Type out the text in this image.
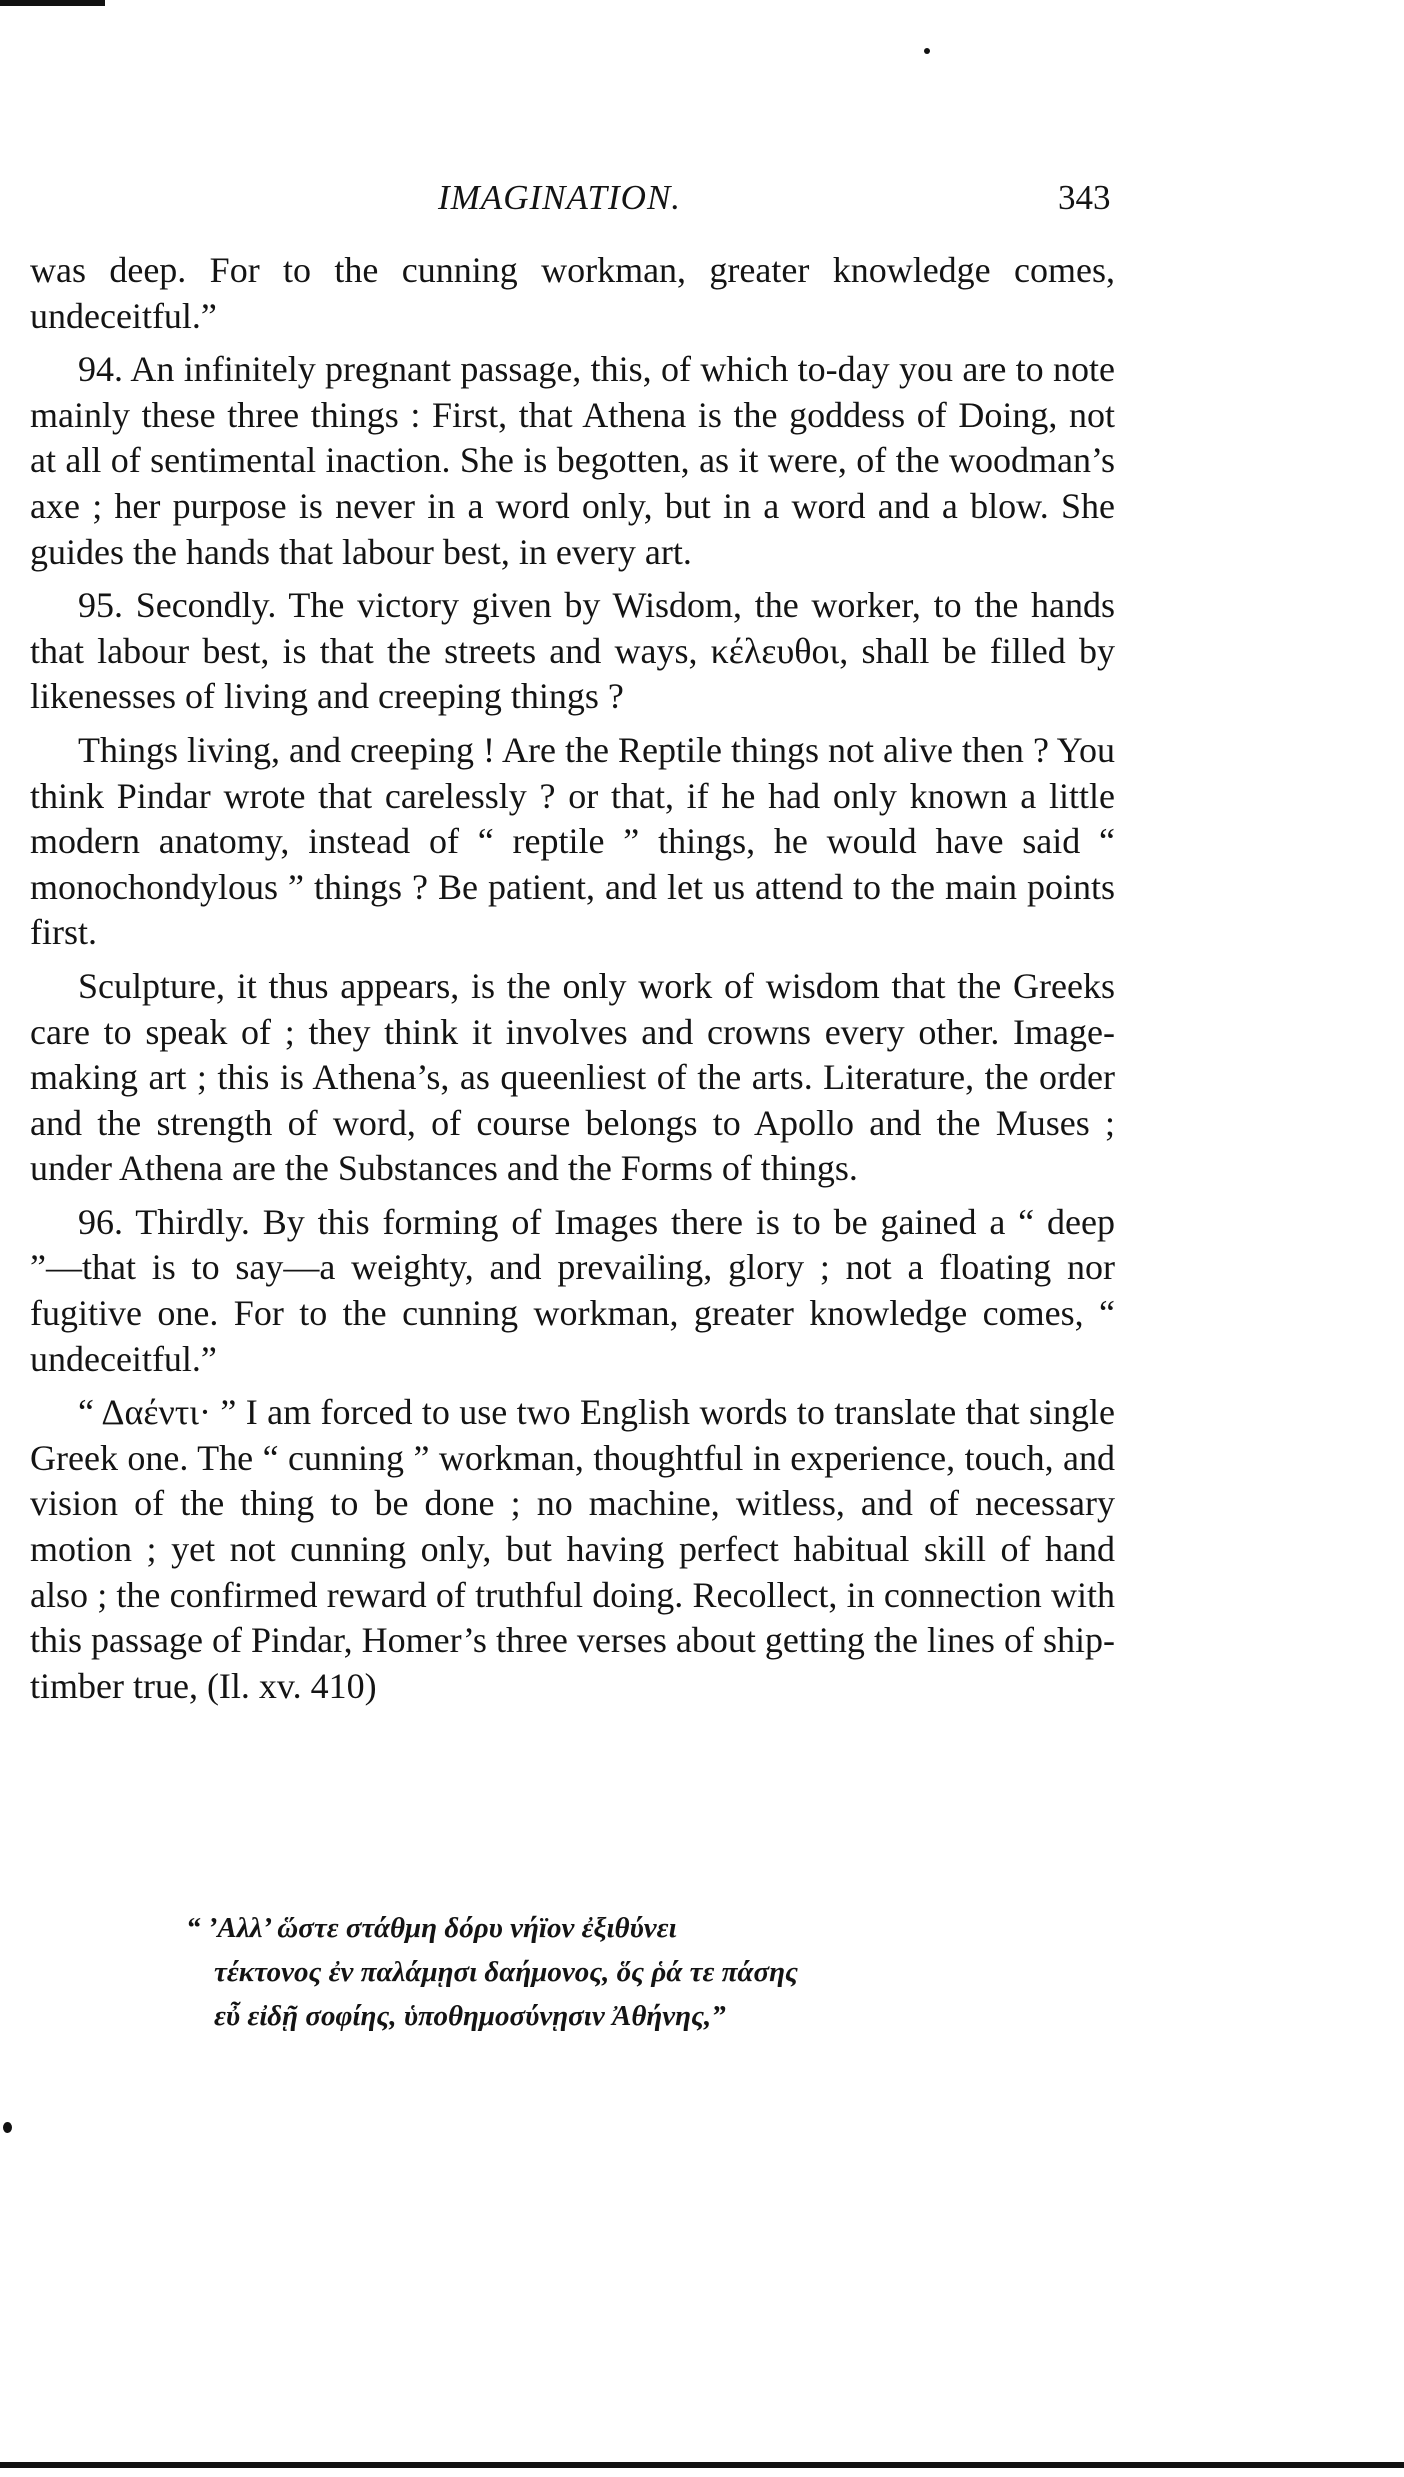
IMAGINATION.	343

was deep. For to the cunning workman, greater knowledge comes, undeceitful.”

94. An infinitely pregnant passage, this, of which to-day you are to note mainly these three things : First, that Athena is the goddess of Doing, not at all of sentimental inaction. She is begotten, as it were, of the woodman’s axe ; her purpose is never in a word only, but in a word and a blow. She guides the hands that labour best, in every art.

95. Secondly. The victory given by Wisdom, the worker, to the hands that labour best, is that the streets and ways, κέλευθοι, shall be filled by likenesses of living and creeping things ?

Things living, and creeping ! Are the Reptile things not alive then ? You think Pindar wrote that carelessly ? or that, if he had only known a little modern anatomy, instead of “ reptile ” things, he would have said “ monochondylous ” things ? Be patient, and let us attend to the main points first.

Sculpture, it thus appears, is the only work of wisdom that the Greeks care to speak of ; they think it involves and crowns every other. Image-making art ; this is Athena’s, as queenliest of the arts. Literature, the order and the strength of word, of course belongs to Apollo and the Muses ; under Athena are the Substances and the Forms of things.

96. Thirdly. By this forming of Images there is to be gained a “ deep ”—that is to say—a weighty, and prevailing, glory ; not a floating nor fugitive one. For to the cunning workman, greater knowledge comes, “ undeceitful.”

“ Δαέντι· ” I am forced to use two English words to translate that single Greek one. The “ cunning ” workman, thoughtful in experience, touch, and vision of the thing to be done ; no machine, witless, and of necessary motion ; yet not cunning only, but having perfect habitual skill of hand also ; the confirmed reward of truthful doing. Recollect, in connection with this passage of Pindar, Homer’s three verses about getting the lines of ship-timber true, (Il. xv. 410)

“ ’Αλλ’ ὥστε στάθμη δόρυ νήϊον ἐξιθύνει
τέκτονος ἐν παλάμῃσι δαήμονος, ὅς ῥά τε πάσης
εὖ εἰδῇ σοφίης, ὑποθημοσύνῃσιν Ἀθήνης,”
